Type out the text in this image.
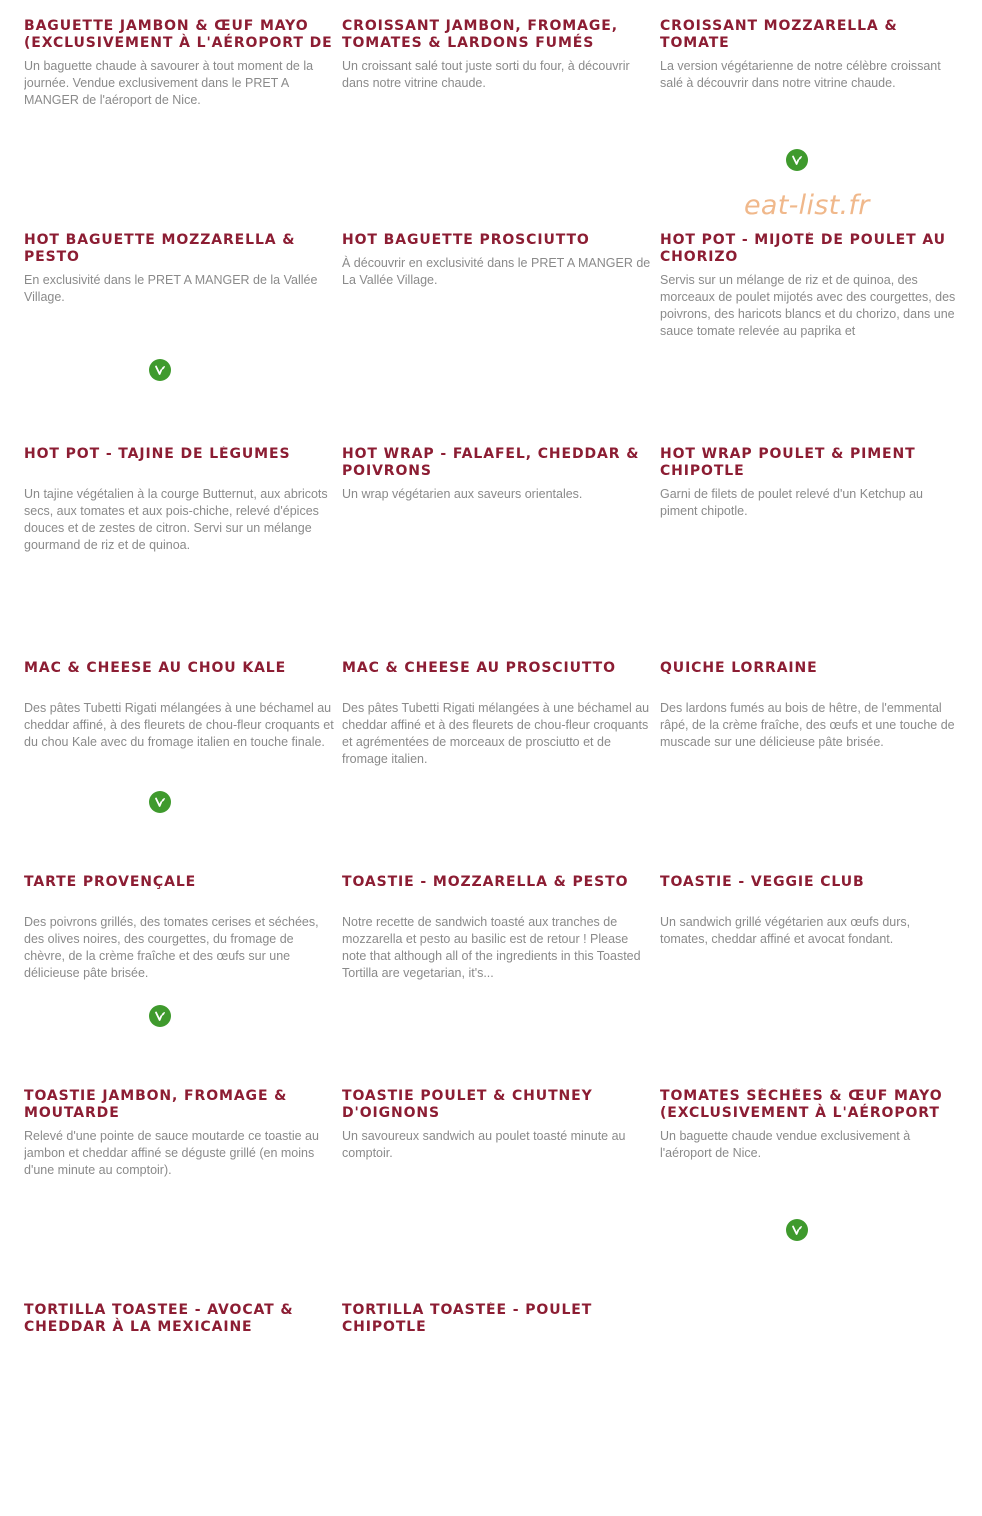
BAGUETTE JAMBON & ŒUF MAYO (EXCLUSIVEMENT À L'AÉROPORT DE

Un baguette chaude à savourer à tout moment de la journée. Vendue exclusivement dans le PRET A MANGER de l'aéroport de Nice.

CROISSANT JAMBON, FROMAGE, TOMATES & LARDONS FUMÉS

Un croissant salé tout juste sorti du four, à découvrir dans notre vitrine chaude.

CROISSANT MOZZARELLA & TOMATE

La version végétarienne de notre célèbre croissant salé à découvrir dans notre vitrine chaude.

HOT BAGUETTE MOZZARELLA & PESTO

En exclusivité dans le PRET A MANGER de la Vallée Village.

HOT BAGUETTE PROSCIUTTO

À découvrir en exclusivité dans le PRET A MANGER de La Vallée Village.

HOT POT - MIJOTÉ DE POULET AU CHORIZO

Servis sur un mélange de riz et de quinoa, des morceaux de poulet mijotés avec des courgettes, des poivrons, des haricots blancs et du chorizo, dans une sauce tomate relevée au paprika et

HOT POT - TAJINE DE LÉGUMES

Un tajine végétalien à la courge Butternut, aux abricots secs, aux tomates et aux pois-chiche, relevé d'épices douces et de zestes de citron. Servi sur un mélange gourmand de riz et de quinoa.

HOT WRAP - FALAFEL, CHEDDAR & POIVRONS

Un wrap végétarien aux saveurs orientales.

HOT WRAP POULET & PIMENT CHIPOTLE

Garni de filets de poulet relevé d'un Ketchup au piment chipotle.

MAC & CHEESE AU CHOU KALE

Des pâtes Tubetti Rigati mélangées à une béchamel au cheddar affiné, à des fleurets de chou-fleur croquants et du chou Kale avec du fromage italien en touche finale.

MAC & CHEESE AU PROSCIUTTO

Des pâtes Tubetti Rigati mélangées à une béchamel au cheddar affiné et à des fleurets de chou-fleur croquants et agrémentées de morceaux de prosciutto et de fromage italien.

QUICHE LORRAINE

Des lardons fumés au bois de hêtre, de l'emmental râpé, de la crème fraîche, des œufs et une touche de muscade sur une délicieuse pâte brisée.

TARTE PROVENÇALE

Des poivrons grillés, des tomates cerises et séchées, des olives noires, des courgettes, du fromage de chèvre, de la crème fraîche et des œufs sur une délicieuse pâte brisée.

TOASTIE - MOZZARELLA & PESTO

Notre recette de sandwich toasté aux tranches de mozzarella et pesto au basilic est de retour ! Please note that although all of the ingredients in this Toasted Tortilla are vegetarian, it's...

TOASTIE - VEGGIE CLUB

Un sandwich grillé végétarien aux œufs durs, tomates, cheddar affiné et avocat fondant.

TOASTIE JAMBON, FROMAGE & MOUTARDE

Relevé d'une pointe de sauce moutarde ce toastie au jambon et cheddar affiné se déguste grillé (en moins d'une minute au comptoir).

TOASTIE POULET & CHUTNEY D'OIGNONS

Un savoureux sandwich au poulet toasté minute au comptoir.

TOMATES SÉCHÉES & ŒUF MAYO (EXCLUSIVEMENT À L'AÉROPORT

Un baguette chaude vendue exclusivement à l'aéroport de Nice.

TORTILLA TOASTEE - AVOCAT & CHEDDAR À LA MEXICAINE

TORTILLA TOASTÉE - POULET CHIPOTLE

eat-list.fr
